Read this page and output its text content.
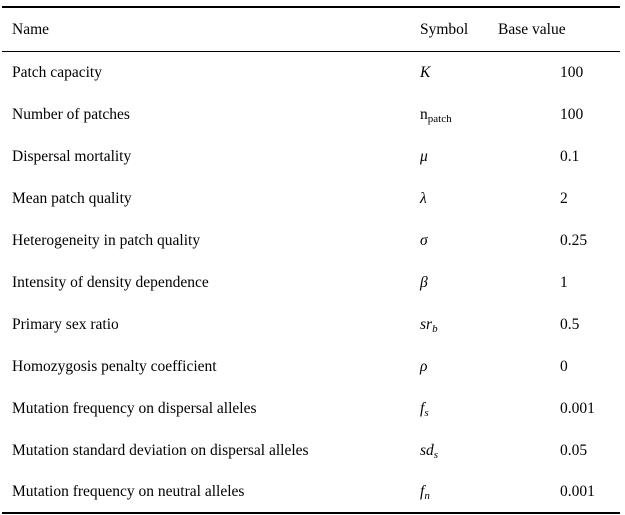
Name	Symbol	Base value
Patch capacity	K	100
Number of patches	$n_{patch}$	100
Dispersal mortality	μ	0.1
Mean patch quality	λ	2
Heterogeneity in patch quality	σ	0.25
Intensity of density dependence	β	1
Primary sex ratio	$sr_b$	0.5
Homozygosis penalty coefficient	ρ	0
Mutation frequency on dispersal alleles	$f_s$	0.001
Mutation standard deviation on dispersal alleles	$sd_s$	0.05
Mutation frequency on neutral alleles	$f_n$	0.001
